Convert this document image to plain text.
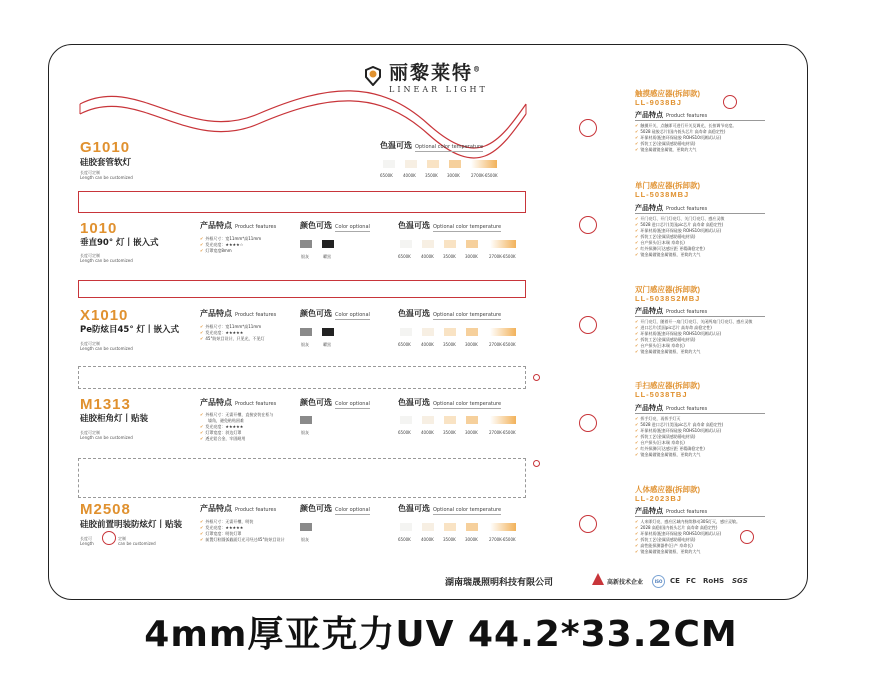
丽黎莱特®
LINEAR LIGHT
G1010
硅胶套管软灯
长度可定制
Length can be customized
色温可选 Optional color temperature
6500K	4000K 3500K 3000K	2700K-6500K
1010
垂直90° 灯丨嵌入式
长度可定制
Length can be customized
产品特点 Product features
✔ 外框尺寸：宽11mm*高11mm
✔ 发光亮度：★★★★☆
✔ 灯罩宽度8mm
颜色可选 Color optional
银灰	曜黑
色温可选 Optional color temperature
6500K	4000K 3500K 3000K	2700K-6500K
X1010
Pe防炫目45° 灯丨嵌入式
长度可定制
Length can be customized
产品特点 Product features
✔ 外框尺寸：宽11mm*高11mm
✔ 发光亮度：★★★★★
✔ 45°防炫目设计，只见光，不见灯
颜色可选 Color optional
银灰	曜黑
色温可选 Optional color temperature
6500K	4000K 3500K 3000K	2700K-6500K
M1313
硅胶柜角灯丨贴装
长度可定制
Length can be customized
产品特点 Product features
✔ 外框尺寸：无需开槽，直接安装在柜与
墙角，避免粘贴困难
✔ 发光亮度：★★★★★
✔ 灯罩宽度：斜边灯罩
✔ 透光铝合金，牢固耐用
颜色可选 Color optional
银灰
色温可选 Optional color temperature
6500K	4000K 3500K 3000K	2700K-6500K
M2508
硅胶前置明装防炫灯丨贴装
长度可
Length
定制
can be customized
产品特点 Product features
✔ 外框尺寸：无需开槽，明装
✔ 发光亮度：★★★★★
✔ 灯罩宽度：明装灯罩
✔ 前置灯粒圆弧截面灯光可经过45°防炫目设计
颜色可选 Color optional
银灰
色温可选 Optional color temperature
6500K	4000K 3500K 3000K	2700K-6500K
触摸感应器(拆卸款)
LL-9038BJ
产品特点 Product features
✔ 触摸开关，点触即可进行开关及调光，长按调节亮度。
✔ 5028 硅胶芯片(国内低头芯片 高寿命 高稳定性)
✔ 环保材质(配套环保硅胶 ROHS10项测试认证)
✔ 拆装工艺(金属质感防静电材质)
✔ 镜金属做镜金属镜，更简约大气
单门感应器(拆卸款)
LL-5038MBJ
产品特点 Product features
✔ 开门亮灯、开门灯亮灯、关门灯亮灯、感应灵敏
✔ 5028 进口芯片(美国pic芯片 高寿命 高稳定性)
✔ 环保材质(配套环保硅胶 ROHS10项测试认证)
✔ 拆装工艺(金属质感防静电材质)
✔ 台产探头(日本瑞 寿命长)
✔ 红外探测(可达感应距 更精确稳定性)
✔ 镜金属做镜金属镜框，更简约大气
双门感应器(拆卸款)
LL-5038S2MBJ
产品特点 Product features
✔ 开门亮灯，随着开一扇门灯亮灯、关闭两扇门灯亮灯、感应灵敏
✔ 进口芯片(美国pic芯片 高寿命 高稳定性)
✔ 环保材质(配套环保硅胶 ROHS10项测试认证)
✔ 拆装工艺(金属质感防静电材质)
✔ 台产探头(日本瑞 寿命长)
✔ 镜金属做镜金属镜框，更简约大气
手扫感应器(拆卸款)
LL-5038TBJ
产品特点 Product features
✔ 挥手灯亮，再挥手灯灭
✔ 5028 进口芯片(美国pic芯片 高寿命 高稳定性)
✔ 环保材质(配套环保硅胶 ROHS10项测试认证)
✔ 拆装工艺(金属质感防静电材质)
✔ 台产探头(日本瑞 寿命长)
✔ 红外探测(可达感应距 更精确稳定性)
✔ 镜金属做镜金属镜框，更简约大气
人体感应器(拆卸款)
LL-2023BJ
产品特点 Product features
✔ 人来即灯亮，感应区域内持续移动30S灯灭，感应灵敏。
✔ 2028 高稳(国内低头芯片 高寿命 高稳定性)
✔ 环保材质(配套环保硅胶 ROHS10项测试认证)
✔ 拆装工艺(金属质感防静电材质)
✔ 高性能探测器件(日产 寿命长)
✔ 镜金属做镜金属镜框，更简约大气
湖南瑞晟照明科技有限公司	高新技术企业	ISO	CE FC RoHS SGS
4mm厚亚克力UV 44.2*33.2CM
